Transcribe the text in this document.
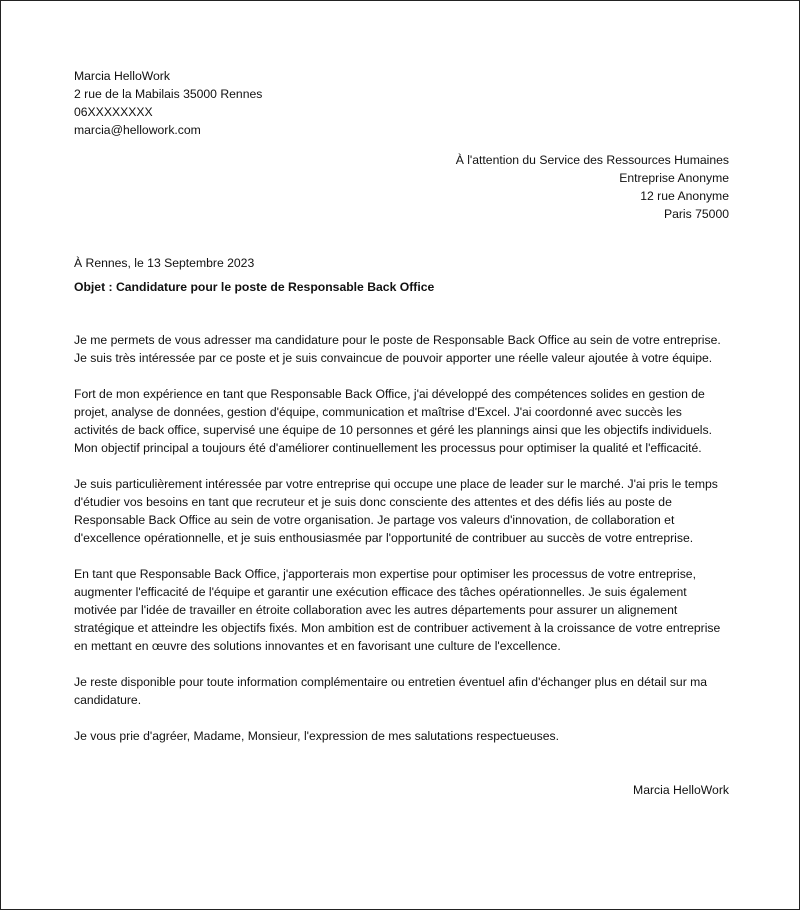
Marcia HelloWork
2 rue de la Mabilais 35000 Rennes
06XXXXXXXX
marcia@hellowork.com
À l'attention du Service des Ressources Humaines
Entreprise Anonyme
12 rue Anonyme
Paris 75000
À Rennes, le 13 Septembre 2023
Objet : Candidature pour le poste de Responsable Back Office

Je me permets de vous adresser ma candidature pour le poste de Responsable Back Office au sein de votre entreprise. Je suis très intéressée par ce poste et je suis convaincue de pouvoir apporter une réelle valeur ajoutée à votre équipe.

Fort de mon expérience en tant que Responsable Back Office, j'ai développé des compétences solides en gestion de projet, analyse de données, gestion d'équipe, communication et maîtrise d'Excel. J'ai coordonné avec succès les activités de back office, supervisé une équipe de 10 personnes et géré les plannings ainsi que les objectifs individuels. Mon objectif principal a toujours été d'améliorer continuellement les processus pour optimiser la qualité et l'efficacité.

Je suis particulièrement intéressée par votre entreprise qui occupe une place de leader sur le marché. J'ai pris le temps d'étudier vos besoins en tant que recruteur et je suis donc consciente des attentes et des défis liés au poste de Responsable Back Office au sein de votre organisation. Je partage vos valeurs d'innovation, de collaboration et d'excellence opérationnelle, et je suis enthousiasmée par l'opportunité de contribuer au succès de votre entreprise.

En tant que Responsable Back Office, j'apporterais mon expertise pour optimiser les processus de votre entreprise, augmenter l'efficacité de l'équipe et garantir une exécution efficace des tâches opérationnelles. Je suis également motivée par l'idée de travailler en étroite collaboration avec les autres départements pour assurer un alignement stratégique et atteindre les objectifs fixés. Mon ambition est de contribuer activement à la croissance de votre entreprise en mettant en œuvre des solutions innovantes et en favorisant une culture de l'excellence.

Je reste disponible pour toute information complémentaire ou entretien éventuel afin d'échanger plus en détail sur ma candidature.

Je vous prie d'agréer, Madame, Monsieur, l'expression de mes salutations respectueuses.

Marcia HelloWork
